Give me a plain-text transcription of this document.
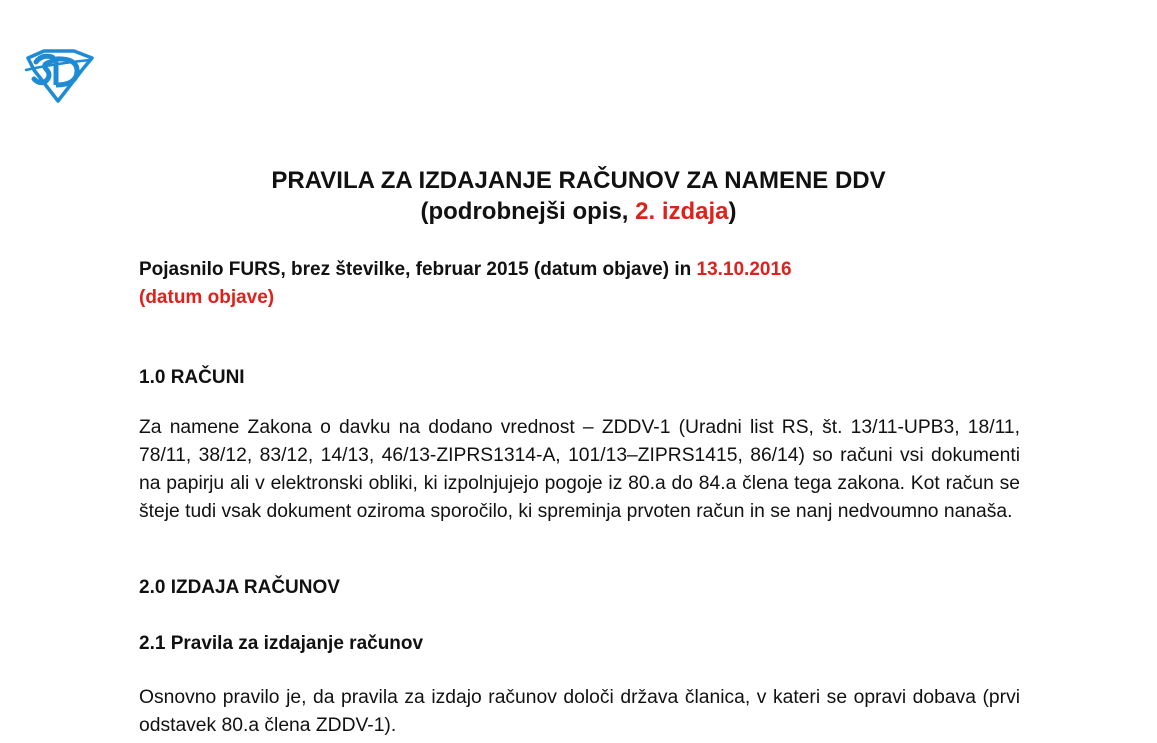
PRAVILA ZA IZDAJANJE RAČUNOV ZA NAMENE DDV
(podrobnejši opis, 2. izdaja)
Pojasnilo FURS, brez številke, februar 2015 (datum objave) in 13.10.2016
(datum objave)
1.0 RAČUNI
Za namene Zakona o davku na dodano vrednost – ZDDV-1 (Uradni list RS, št. 13/11-UPB3, 18/11, 78/11, 38/12, 83/12, 14/13, 46/13-ZIPRS1314-A, 101/13–ZIPRS1415, 86/14) so računi vsi dokumenti na papirju ali v elektronski obliki, ki izpolnjujejo pogoje iz 80.a do 84.a člena tega zakona. Kot račun se šteje tudi vsak dokument oziroma sporočilo, ki spreminja prvoten račun in se nanj nedvoumno nanaša.
2.0 IZDAJA RAČUNOV
2.1 Pravila za izdajanje računov
Osnovno pravilo je, da pravila za izdajo računov določi država članica, v kateri se opravi dobava (prvi odstavek 80.a člena ZDDV-1).
